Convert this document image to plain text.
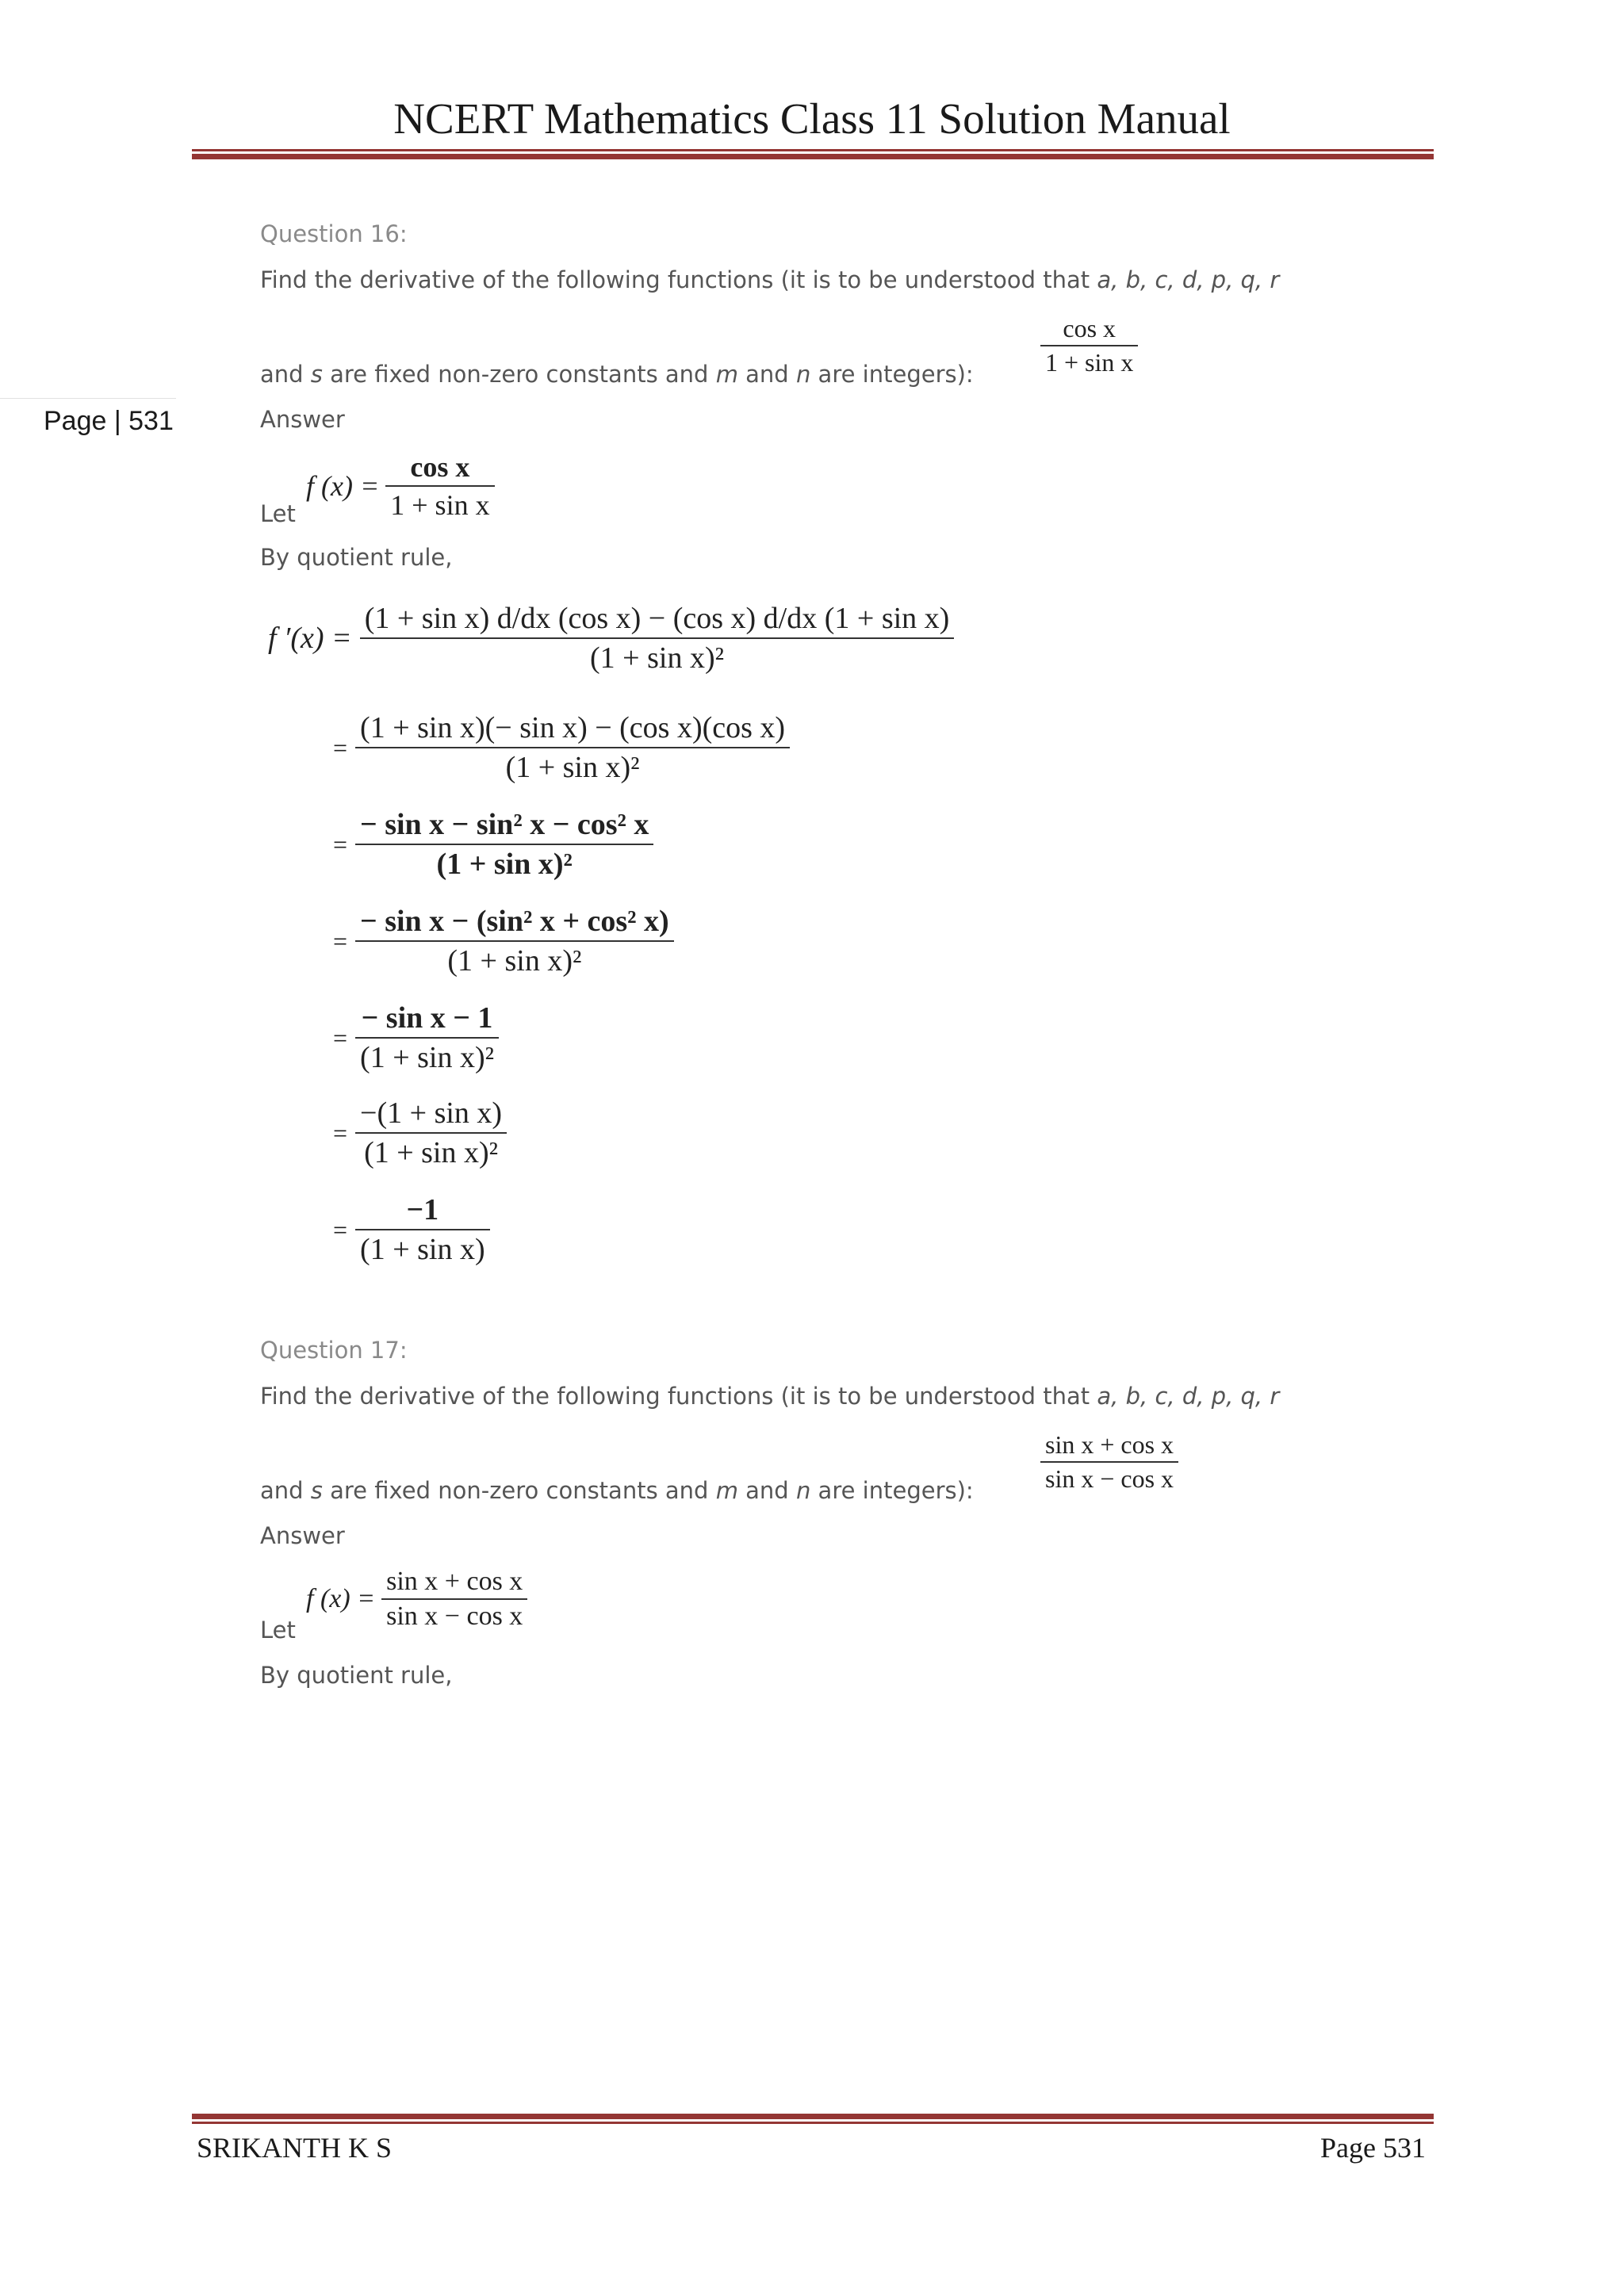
NCERT Mathematics Class 11 Solution Manual
Page | 531
Question 16:
Find the derivative of the following functions (it is to be understood that a, b, c, d, p, q, r
and s are fixed non-zero constants and m and n are integers):	$\frac{\text{cos x}}{\text{1 + sin x}}$
Answer
Let
f $(x) = \frac{\text{cos x}}{\text{1 + sin x}}$
By quotient rule,
f $'(x) = \frac{\text{(1 + sin x) d/dx (cos x) − (cos x) d/dx (1 + sin x)}}{\text{(1 + sin x)²}}$
= $\frac{\text{(1 + sin x)(− sin x) − (cos x)(cos x)}}{\text{(1 + sin x)²}}$
= $\frac{\text{− sin x − sin² x − cos² x}}{\text{(1 + sin x)²}}$
= $\frac{\text{− sin x − (sin² x + cos² x)}}{\text{(1 + sin x)²}}$
= $\frac{\text{− sin x − 1}}{\text{(1 + sin x)²}}$
= $\frac{\text{−(1 + sin x)}}{\text{(1 + sin x)²}}$
= $\frac{-1}{\text{(1 + sin x)}}$
Question 17:
Find the derivative of the following functions (it is to be understood that a, b, c, d, p, q, r
and s are fixed non-zero constants and m and n are integers):	$\frac{\text{sin x + cos x}}{\text{sin x − cos x}}$
Answer
Let
f $(x) = \frac{\text{sin x + cos x}}{\text{sin x − cos x}}$
By quotient rule,
SRIKANTH K S	Page 531
